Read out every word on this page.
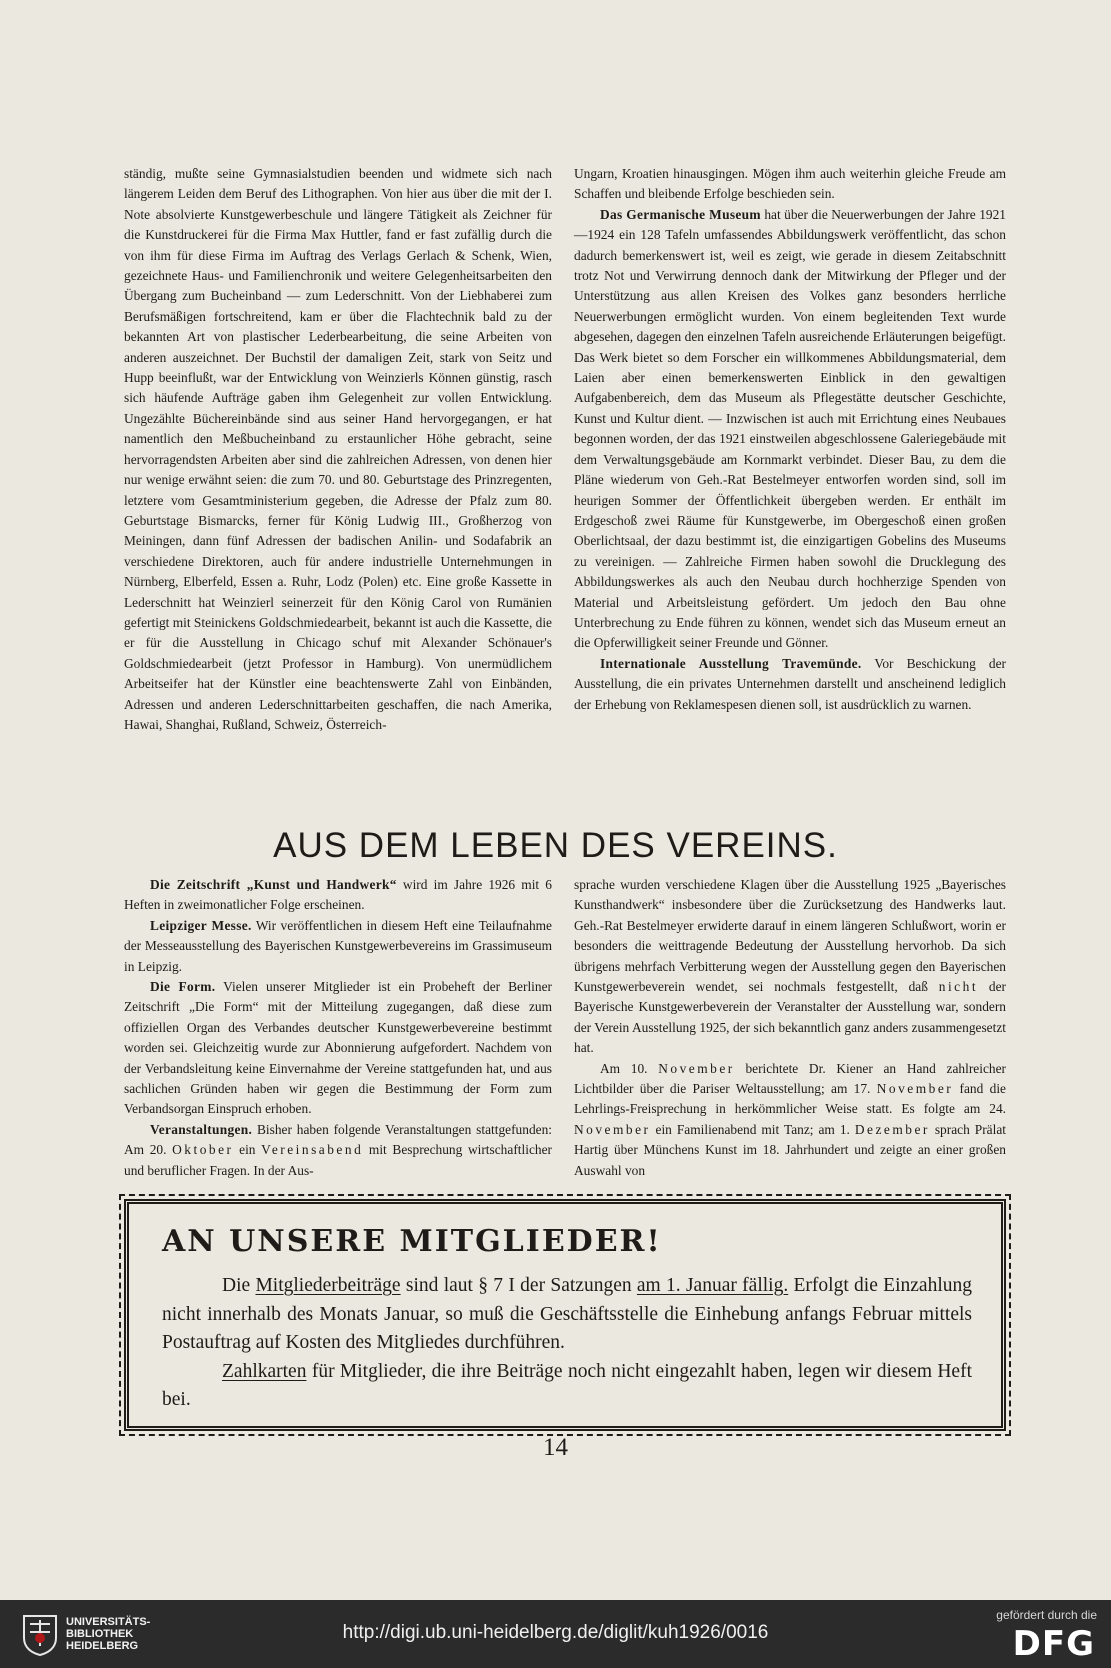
ständig, mußte seine Gymnasialstudien beenden und widmete sich nach längerem Leiden dem Beruf des Lithographen. Von hier aus über die mit der I. Note absolvierte Kunstgewerbeschule und längere Tätigkeit als Zeichner für die Kunstdruckerei für die Firma Max Huttler, fand er fast zufällig durch die von ihm für diese Firma im Auftrag des Verlags Gerlach & Schenk, Wien, gezeichnete Haus- und Familienchronik und weitere Gelegenheitsarbeiten den Übergang zum Bucheinband — zum Lederschnitt. Von der Liebhaberei zum Berufsmäßigen fortschreitend, kam er über die Flachtechnik bald zu der bekannten Art von plastischer Lederbearbeitung, die seine Arbeiten von anderen auszeichnet. Der Buchstil der damaligen Zeit, stark von Seitz und Hupp beeinflußt, war der Entwicklung von Weinzierls Können günstig, rasch sich häufende Aufträge gaben ihm Gelegenheit zur vollen Entwicklung. Ungezählte Büchereinbände sind aus seiner Hand hervorgegangen, er hat namentlich den Meßbucheinband zu erstaunlicher Höhe gebracht, seine hervorragendsten Arbeiten aber sind die zahlreichen Adressen, von denen hier nur wenige erwähnt seien: die zum 70. und 80. Geburtstage des Prinzregenten, letztere vom Gesamtministerium gegeben, die Adresse der Pfalz zum 80. Geburtstage Bismarcks, ferner für König Ludwig III., Großherzog von Meiningen, dann fünf Adressen der badischen Anilin- und Sodafabrik an verschiedene Direktoren, auch für andere industrielle Unternehmungen in Nürnberg, Elberfeld, Essen a. Ruhr, Lodz (Polen) etc. Eine große Kassette in Lederschnitt hat Weinzierl seinerzeit für den König Carol von Rumänien gefertigt mit Steinickens Goldschmiedearbeit, bekannt ist auch die Kassette, die er für die Ausstellung in Chicago schuf mit Alexander Schönauer's Goldschmiedearbeit (jetzt Professor in Hamburg). Von unermüdlichem Arbeitseifer hat der Künstler eine beachtenswerte Zahl von Einbänden, Adressen und anderen Lederschnittarbeiten geschaffen, die nach Amerika, Hawai, Shanghai, Rußland, Schweiz, Österreich-

Ungarn, Kroatien hinausgingen. Mögen ihm auch weiterhin gleiche Freude am Schaffen und bleibende Erfolge beschieden sein.

Das Germanische Museum hat über die Neuerwerbungen der Jahre 1921—1924 ein 128 Tafeln umfassendes Abbildungswerk veröffentlicht, das schon dadurch bemerkenswert ist, weil es zeigt, wie gerade in diesem Zeitabschnitt trotz Not und Verwirrung dennoch dank der Mitwirkung der Pfleger und der Unterstützung aus allen Kreisen des Volkes ganz besonders herrliche Neuerwerbungen ermöglicht wurden. Von einem begleitenden Text wurde abgesehen, dagegen den einzelnen Tafeln ausreichende Erläuterungen beigefügt. Das Werk bietet so dem Forscher ein willkommenes Abbildungsmaterial, dem Laien aber einen bemerkenswerten Einblick in den gewaltigen Aufgabenbereich, dem das Museum als Pflegestätte deutscher Geschichte, Kunst und Kultur dient. — Inzwischen ist auch mit Errichtung eines Neubaues begonnen worden, der das 1921 einstweilen abgeschlossene Galeriegebäude mit dem Verwaltungsgebäude am Kornmarkt verbindet. Dieser Bau, zu dem die Pläne wiederum von Geh.-Rat Bestelmeyer entworfen worden sind, soll im heurigen Sommer der Öffentlichkeit übergeben werden. Er enthält im Erdgeschoß zwei Räume für Kunstgewerbe, im Obergeschoß einen großen Oberlichtsaal, der dazu bestimmt ist, die einzigartigen Gobelins des Museums zu vereinigen. — Zahlreiche Firmen haben sowohl die Drucklegung des Abbildungswerkes als auch den Neubau durch hochherzige Spenden von Material und Arbeitsleistung gefördert. Um jedoch den Bau ohne Unterbrechung zu Ende führen zu können, wendet sich das Museum erneut an die Opferwilligkeit seiner Freunde und Gönner.

Internationale Ausstellung Travemünde. Vor Beschickung der Ausstellung, die ein privates Unternehmen darstellt und anscheinend lediglich der Erhebung von Reklamespesen dienen soll, ist ausdrücklich zu warnen.

AUS DEM LEBEN DES VEREINS.

Die Zeitschrift „Kunst und Handwerk“ wird im Jahre 1926 mit 6 Heften in zweimonatlicher Folge erscheinen.

Leipziger Messe. Wir veröffentlichen in diesem Heft eine Teilaufnahme der Messeausstellung des Bayerischen Kunstgewerbevereins im Grassimuseum in Leipzig.

Die Form. Vielen unserer Mitglieder ist ein Probeheft der Berliner Zeitschrift „Die Form“ mit der Mitteilung zugegangen, daß diese zum offiziellen Organ des Verbandes deutscher Kunstgewerbevereine bestimmt worden sei. Gleichzeitig wurde zur Abonnierung aufgefordert. Nachdem von der Verbandsleitung keine Einvernahme der Vereine stattgefunden hat, und aus sachlichen Gründen haben wir gegen die Bestimmung der Form zum Verbandsorgan Einspruch erhoben.

Veranstaltungen. Bisher haben folgende Veranstaltungen stattgefunden: Am 20. Oktober ein Vereinsabend mit Besprechung wirtschaftlicher und beruflicher Fragen. In der Aus-

sprache wurden verschiedene Klagen über die Ausstellung 1925 „Bayerisches Kunsthandwerk“ insbesondere über die Zurücksetzung des Handwerks laut. Geh.-Rat Bestelmeyer erwiderte darauf in einem längeren Schlußwort, worin er besonders die weittragende Bedeutung der Ausstellung hervorhob. Da sich übrigens mehrfach Verbitterung wegen der Ausstellung gegen den Bayerischen Kunstgewerbeverein wendet, sei nochmals festgestellt, daß nicht der Bayerische Kunstgewerbeverein der Veranstalter der Ausstellung war, sondern der Verein Ausstellung 1925, der sich bekanntlich ganz anders zusammengesetzt hat.

Am 10. November berichtete Dr. Kiener an Hand zahlreicher Lichtbilder über die Pariser Weltausstellung; am 17. November fand die Lehrlings-Freisprechung in herkömmlicher Weise statt. Es folgte am 24. November ein Familienabend mit Tanz; am 1. Dezember sprach Prälat Hartig über Münchens Kunst im 18. Jahrhundert und zeigte an einer großen Auswahl von

AN UNSERE MITGLIEDER!

Die Mitgliederbeiträge sind laut § 7 I der Satzungen am 1. Januar fällig. Erfolgt die Einzahlung nicht innerhalb des Monats Januar, so muß die Geschäftsstelle die Einhebung anfangs Februar mittels Postauftrag auf Kosten des Mitgliedes durchführen.

Zahlkarten für Mitglieder, die ihre Beiträge noch nicht eingezahlt haben, legen wir diesem Heft bei.

14
UNIVERSITÄTS-
BIBLIOTHEK
HEIDELBERG
http://digi.ub.uni-heidelberg.de/diglit/kuh1926/0016
gefördert durch die
DFG
